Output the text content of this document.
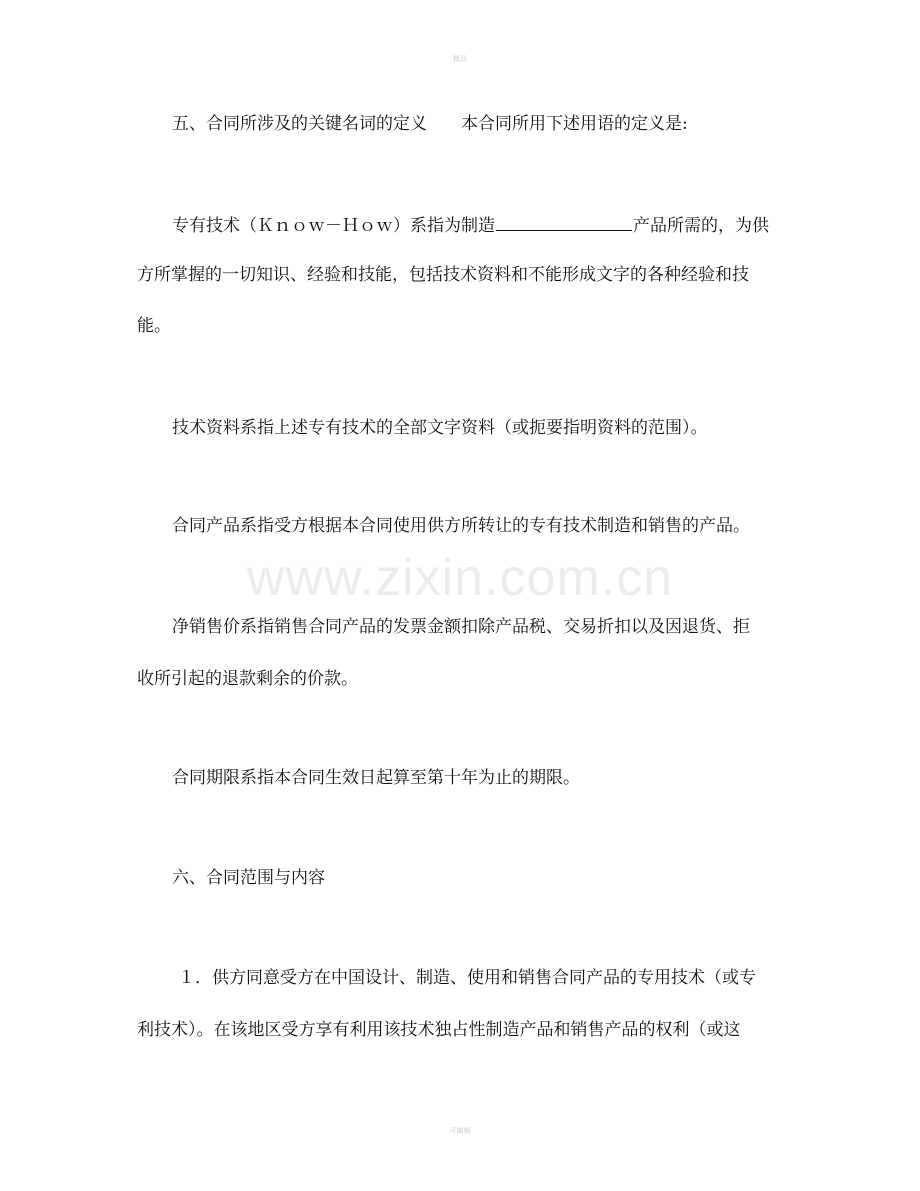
精品
www.zixin.com.cn
五、合同所涉及的关键名词的定义 本合同所用下述用语的定义是:
专有技术（Ｋｎｏｗ－Ｈｏｗ）系指为制造	产品所需的，为供
方所掌握的一切知识、经验和技能，包括技术资料和不能形成文字的各种经验和技
能。
技术资料系指上述专有技术的全部文字资料（或扼要指明资料的范围）。
合同产品系指受方根据本合同使用供方所转让的专有技术制造和销售的产品。
净销售价系指销售合同产品的发票金额扣除产品税、交易折扣以及因退货、拒
收所引起的退款剩余的价款。
合同期限系指本合同生效日起算至第十年为止的期限。
六、合同范围与内容
１．供方同意受方在中国设计、制造、使用和销售合同产品的专用技术（或专
利技术）。在该地区受方享有利用该技术独占性制造产品和销售产品的权利（或这
可编辑
